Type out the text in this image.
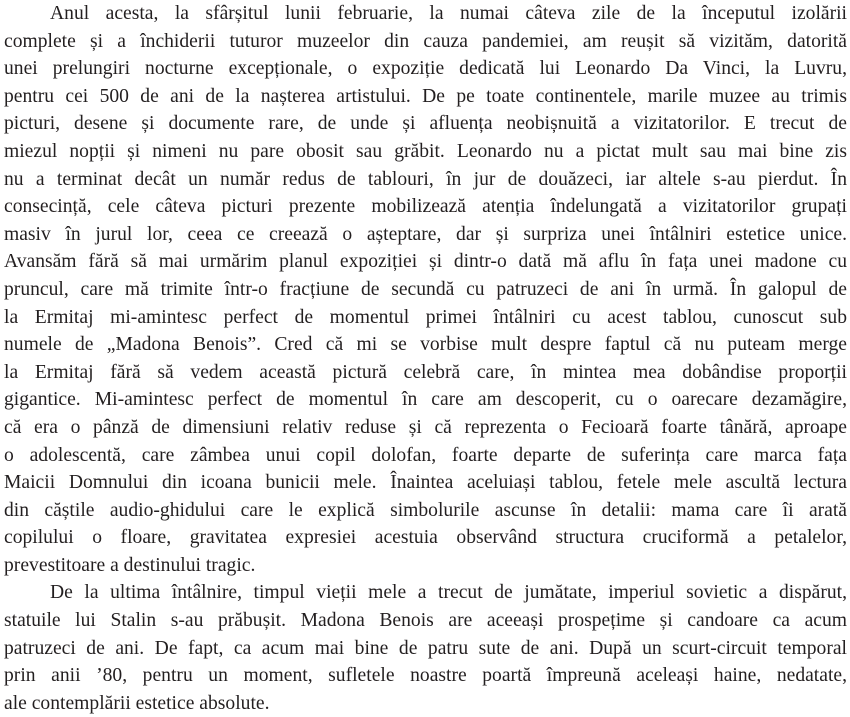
Anul acesta, la sfârșitul lunii februarie, la numai câteva zile de la începutul izolării
complete și a închiderii tuturor muzeelor din cauza pandemiei, am reușit să vizităm, datorită
unei prelungiri nocturne excepționale, o expoziție dedicată lui Leonardo Da Vinci, la Luvru,
pentru cei 500 de ani de la nașterea artistului. De pe toate continentele, marile muzee au trimis
picturi, desene și documente rare, de unde și afluența neobișnuită a vizitatorilor. E trecut de
miezul nopții și nimeni nu pare obosit sau grăbit. Leonardo nu a pictat mult sau mai bine zis
nu a terminat decât un număr redus de tablouri, în jur de douăzeci, iar altele s-au pierdut. În
consecință, cele câteva picturi prezente mobilizează atenția îndelungată a vizitatorilor grupați
masiv în jurul lor, ceea ce creează o așteptare, dar și surpriza unei întâlniri estetice unice.
Avansăm fără să mai urmărim planul expoziției și dintr-o dată mă aflu în fața unei madone cu
pruncul, care mă trimite într-o fracțiune de secundă cu patruzeci de ani în urmă. În galopul de
la Ermitaj mi-amintesc perfect de momentul primei întâlniri cu acest tablou, cunoscut sub
numele de „Madona Benois”. Cred că mi se vorbise mult despre faptul că nu puteam merge
la Ermitaj fără să vedem această pictură celebră care, în mintea mea dobândise proporții
gigantice. Mi-amintesc perfect de momentul în care am descoperit, cu o oarecare dezamăgire,
că era o pânză de dimensiuni relativ reduse și că reprezenta o Fecioară foarte tânără, aproape
o adolescentă, care zâmbea unui copil dolofan, foarte departe de suferința care marca fața
Maicii Domnului din icoana bunicii mele. Înaintea aceluiași tablou, fetele mele ascultă lectura
din căștile audio-ghidului care le explică simbolurile ascunse în detalii: mama care îi arată
copilului o floare, gravitatea expresiei acestuia observând structura cruciformă a petalelor,
prevestitoare a destinului tragic.
De la ultima întâlnire, timpul vieții mele a trecut de jumătate, imperiul sovietic a dispărut,
statuile lui Stalin s-au prăbușit. Madona Benois are aceeași prospețime și candoare ca acum
patruzeci de ani. De fapt, ca acum mai bine de patru sute de ani. După un scurt-circuit temporal
prin anii ’80, pentru un moment, sufletele noastre poartă împreună aceleași haine, nedatate,
ale contemplării estetice absolute.
